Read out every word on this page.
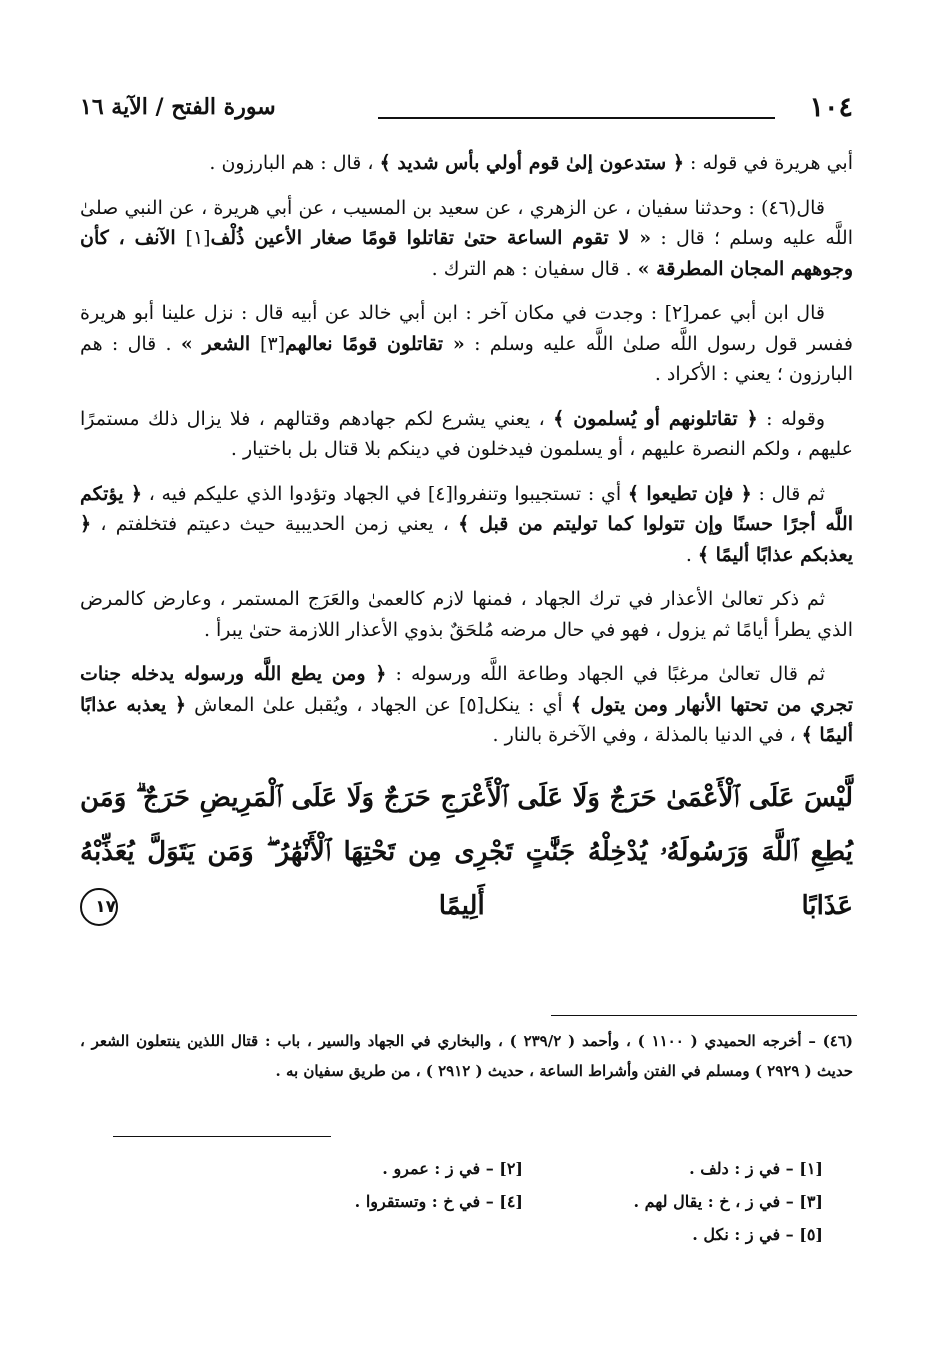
١٠٤
سورة الفتح / الآية ١٦

أبي هريرة في قوله : ﴿ ستدعون إلىٰ قوم أولي بأس شديد ﴾ ، قال : هم البارزون .

قال(٤٦) : وحدثنا سفيان ، عن الزهري ، عن سعيد بن المسيب ، عن أبي هريرة ، عن النبي صلىٰ اللَّه عليه وسلم ؛ قال : « لا تقوم الساعة حتىٰ تقاتلوا قومًا صغار الأعين ذُلْف[١] الآنف ، كأن وجوههم المجان المطرقة » . قال سفيان : هم الترك .

قال ابن أبي عمر[٢] : وجدت في مكان آخر : ابن أبي خالد عن أبيه قال : نزل علينا أبو هريرة ففسر قول رسول اللَّه صلىٰ اللَّه عليه وسلم : « تقاتلون قومًا نعالهم[٣] الشعر » . قال : هم البارزون ؛ يعني : الأكراد .

وقوله : ﴿ تقاتلونهم أو يُسلمون ﴾ ، يعني يشرع لكم جهادهم وقتالهم ، فلا يزال ذلك مستمرًا عليهم ، ولكم النصرة عليهم ، أو يسلمون فيدخلون في دينكم بلا قتال بل باختيار .

ثم قال : ﴿ فإن تطيعوا ﴾ أي : تستجيبوا وتنفروا[٤] في الجهاد وتؤدوا الذي عليكم فيه ، ﴿ يؤتكم اللَّه أجرًا حسنًا وإن تتولوا كما توليتم من قبل ﴾ ، يعني زمن الحديبية حيث دعيتم فتخلفتم ، ﴿ يعذبكم عذابًا أليمًا ﴾ .

ثم ذكر تعالىٰ الأعذار في ترك الجهاد ، فمنها لازم كالعمىٰ والعَرَج المستمر ، وعارض كالمرض الذي يطرأ أيامًا ثم يزول ، فهو في حال مرضه مُلحَقٌ بذوي الأعذار اللازمة حتىٰ يبرأ .

ثم قال تعالىٰ مرغبًا في الجهاد وطاعة اللَّه ورسوله : ﴿ ومن يطع اللَّه ورسوله يدخله جنات تجري من تحتها الأنهار ومن يتول ﴾ أي : ينكل[٥] عن الجهاد ، ويُقبل علىٰ المعاش ﴿ يعذبه عذابًا أليمًا ﴾ ، في الدنيا بالمذلة ، وفي الآخرة بالنار .

لَّيْسَ عَلَى ٱلْأَعْمَىٰ حَرَجٌ وَلَا عَلَى ٱلْأَعْرَجِ حَرَجٌ وَلَا عَلَى ٱلْمَرِيضِ حَرَجٌ ۗ وَمَن يُطِعِ ٱللَّهَ وَرَسُولَهُۥ يُدْخِلْهُ جَنَّٰتٍ تَجْرِى مِن تَحْتِهَا ٱلْأَنْهَٰرُ ۖ وَمَن يَتَوَلَّ يُعَذِّبْهُ عَذَابًا أَلِيمًا ١٧
(٤٦) – أخرجه الحميدي ( ١١٠٠ ) ، وأحمد ( ٢٣٩/٢ ) ، والبخاري في الجهاد والسير ، باب : قتال اللذين ينتعلون الشعر ، حديث ( ٢٩٢٩ ) ومسلم في الفتن وأشراط الساعة ، حديث ( ٢٩١٢ ) ، من طريق سفيان به .
[١] – في ز : دلف .
[٢] – في ز : عمرو .
[٣] – في ز ، خ : يقال لهم .
[٤] – في خ : وتستقروا .
[٥] – في ز : نكل .
